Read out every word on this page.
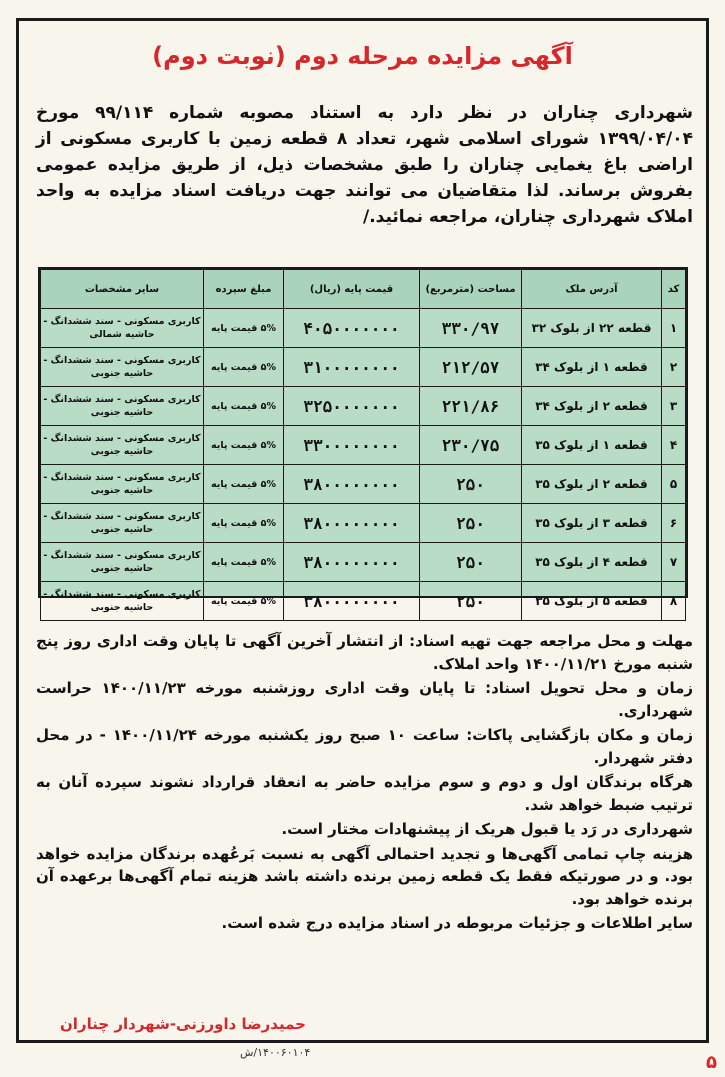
آگهی مزایده مرحله دوم (نوبت دوم)
شهرداری چناران در نظر دارد به استناد مصوبه شماره ۹۹/۱۱۴ مورخ ۱۳۹۹/۰۴/۰۴ شورای اسلامی شهر، تعداد ۸ قطعه زمین با کاربری مسکونی از اراضی باغ یغمایی چناران را طبق مشخصات ذیل، از طریق مزایده عمومی بفروش برساند. لذا متقاضیان می توانند جهت دریافت اسناد مزایده به واحد املاک شهرداری چناران، مراجعه نمائید./
کد	آدرس ملک	مساحت (مترمربع)	قیمت پایه (ریال)	مبلغ سپرده	سایر مشخصات
۱	قطعه ۲۲ از بلوک ۳۲	۳۳۰/۹۷	۴۰۵۰۰۰۰۰۰۰	۵% قیمت پایه	کاربری مسکونی - سند ششدانگ - حاشیه شمالی
۲	قطعه ۱ از بلوک ۳۴	۲۱۲/۵۷	۳۱۰۰۰۰۰۰۰۰	۵% قیمت پایه	کاربری مسکونی - سند ششدانگ - حاشیه جنوبی
۳	قطعه ۲ از بلوک ۳۴	۲۲۱/۸۶	۳۲۵۰۰۰۰۰۰۰	۵% قیمت پایه	کاربری مسکونی - سند ششدانگ - حاشیه جنوبی
۴	قطعه ۱ از بلوک ۳۵	۲۳۰/۷۵	۳۳۰۰۰۰۰۰۰۰	۵% قیمت پایه	کاربری مسکونی - سند ششدانگ - حاشیه جنوبی
۵	قطعه ۲ از بلوک ۳۵	۲۵۰	۳۸۰۰۰۰۰۰۰۰	۵% قیمت پایه	کاربری مسکونی - سند ششدانگ - حاشیه جنوبی
۶	قطعه ۳ از بلوک ۳۵	۲۵۰	۳۸۰۰۰۰۰۰۰۰	۵% قیمت پایه	کاربری مسکونی - سند ششدانگ - حاشیه جنوبی
۷	قطعه ۴ از بلوک ۳۵	۲۵۰	۳۸۰۰۰۰۰۰۰۰	۵% قیمت پایه	کاربری مسکونی - سند ششدانگ - حاشیه جنوبی
۸	قطعه ۵ از بلوک ۳۵	۲۵۰	۳۸۰۰۰۰۰۰۰۰	۵% قیمت پایه	کاربری مسکونی - سند ششدانگ - حاشیه جنوبی

مهلت و محل مراجعه جهت تهیه اسناد: از انتشار آخرین آگهی تا پایان وقت اداری روز پنج شنبه مورخ ۱۴۰۰/۱۱/۲۱ واحد املاک.

زمان و محل تحویل اسناد: تا پایان وقت اداری روزشنبه مورخه ۱۴۰۰/۱۱/۲۳ حراست شهرداری.

زمان و مکان بازگشایی پاکات: ساعت ۱۰ صبح روز یکشنبه مورخه ۱۴۰۰/۱۱/۲۴ - در محل دفتر شهردار.

هرگاه برندگان اول و دوم و سوم مزایده حاضر به انعقاد قرارداد نشوند سپرده آنان به ترتیب ضبط خواهد شد.

شهرداری در رَد یا قبول هریک از پیشنهادات مختار است.

هزینه چاپ تمامی آگهی‌ها و تجدید احتمالی آگهی به نسبت بَرعُهده برندگان مزایده خواهد بود. و در صورتیکه فقط یک قطعه زمین برنده داشته باشد هزینه تمام آگهی‌ها برعهده آن برنده خواهد بود.

سایر اطلاعات و جزئیات مربوطه در اسناد مزایده درج شده است.

حمیدرضا داورزنی-شهردار چناران
۱۴۰۰۶۰۱۰۴/ش	۵
